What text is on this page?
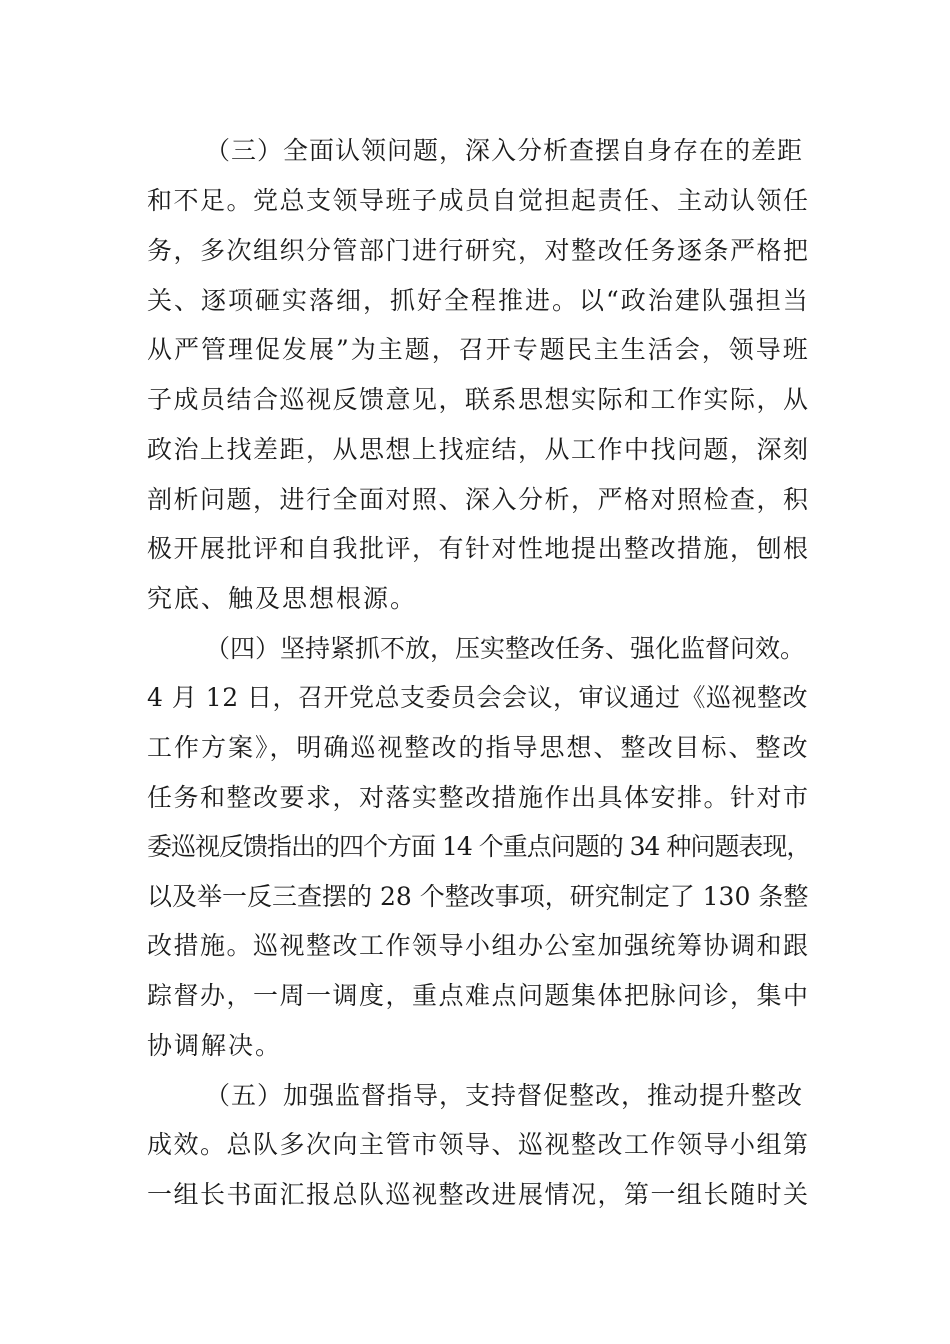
（三）全面认领问题，深入分析查摆自身存在的差距
和不足。党总支领导班子成员自觉担起责任、主动认领任
务，多次组织分管部门进行研究，对整改任务逐条严格把
关、逐项砸实落细，抓好全程推进。以“政治建队强担当
从严管理促发展”为主题，召开专题民主生活会，领导班
子成员结合巡视反馈意见，联系思想实际和工作实际，从
政治上找差距，从思想上找症结，从工作中找问题，深刻
剖析问题，进行全面对照、深入分析，严格对照检查，积
极开展批评和自我批评，有针对性地提出整改措施，刨根
究底、触及思想根源。
（四）坚持紧抓不放，压实整改任务、强化监督问效。
4 月 12 日，召开党总支委员会会议，审议通过《巡视整改
工作方案》，明确巡视整改的指导思想、整改目标、整改
任务和整改要求，对落实整改措施作出具体安排。针对市
委巡视反馈指出的四个方面 14 个重点问题的 34 种问题表现，
以及举一反三查摆的 28 个整改事项，研究制定了 130 条整
改措施。巡视整改工作领导小组办公室加强统筹协调和跟
踪督办，一周一调度，重点难点问题集体把脉问诊，集中
协调解决。
（五）加强监督指导，支持督促整改，推动提升整改
成效。总队多次向主管市领导、巡视整改工作领导小组第
一组长书面汇报总队巡视整改进展情况，第一组长随时关
